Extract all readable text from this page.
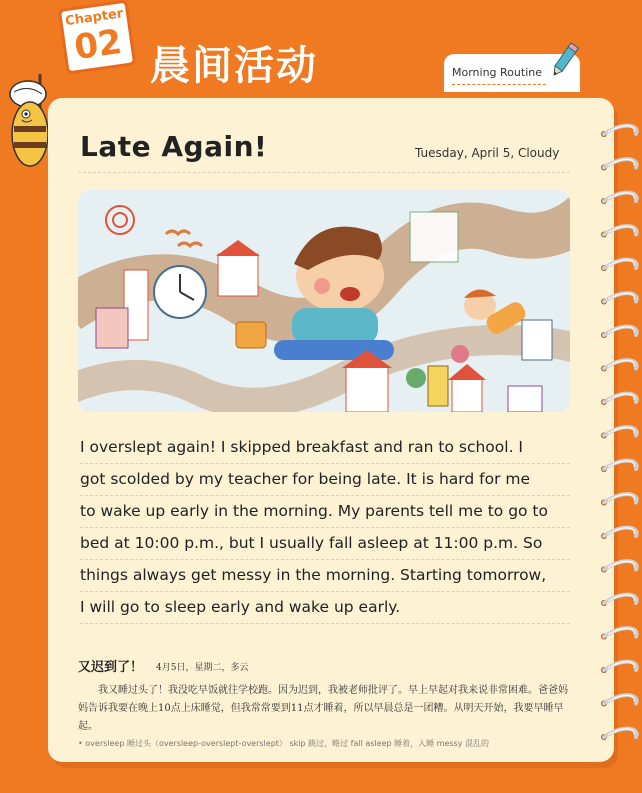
Chapter
02 晨间活动	Morning Routine
Late Again!	Tuesday, April 5, Cloudy
I overslept again! I skipped breakfast and ran to school. I
got scolded by my teacher for being late. It is hard for me
to wake up early in the morning. My parents tell me to go to
bed at 10:00 p.m., but I usually fall asleep at 11:00 p.m. So
things always get messy in the morning. Starting tomorrow,
I will go to sleep early and wake up early.
又迟到了！ 4月5日，星期二，多云
我又睡过头了！我没吃早饭就往学校跑。因为迟到，我被老师批评了。早上早起对我来说非常困难。爸爸妈妈告诉我要在晚上10点上床睡觉，但我常常要到11点才睡着，所以早晨总是一团糟。从明天开始，我要早睡早起。
• oversleep 睡过头（oversleep-overslept-overslept） skip 跳过，略过 fall asleep 睡着，入睡 messy 混乱的
